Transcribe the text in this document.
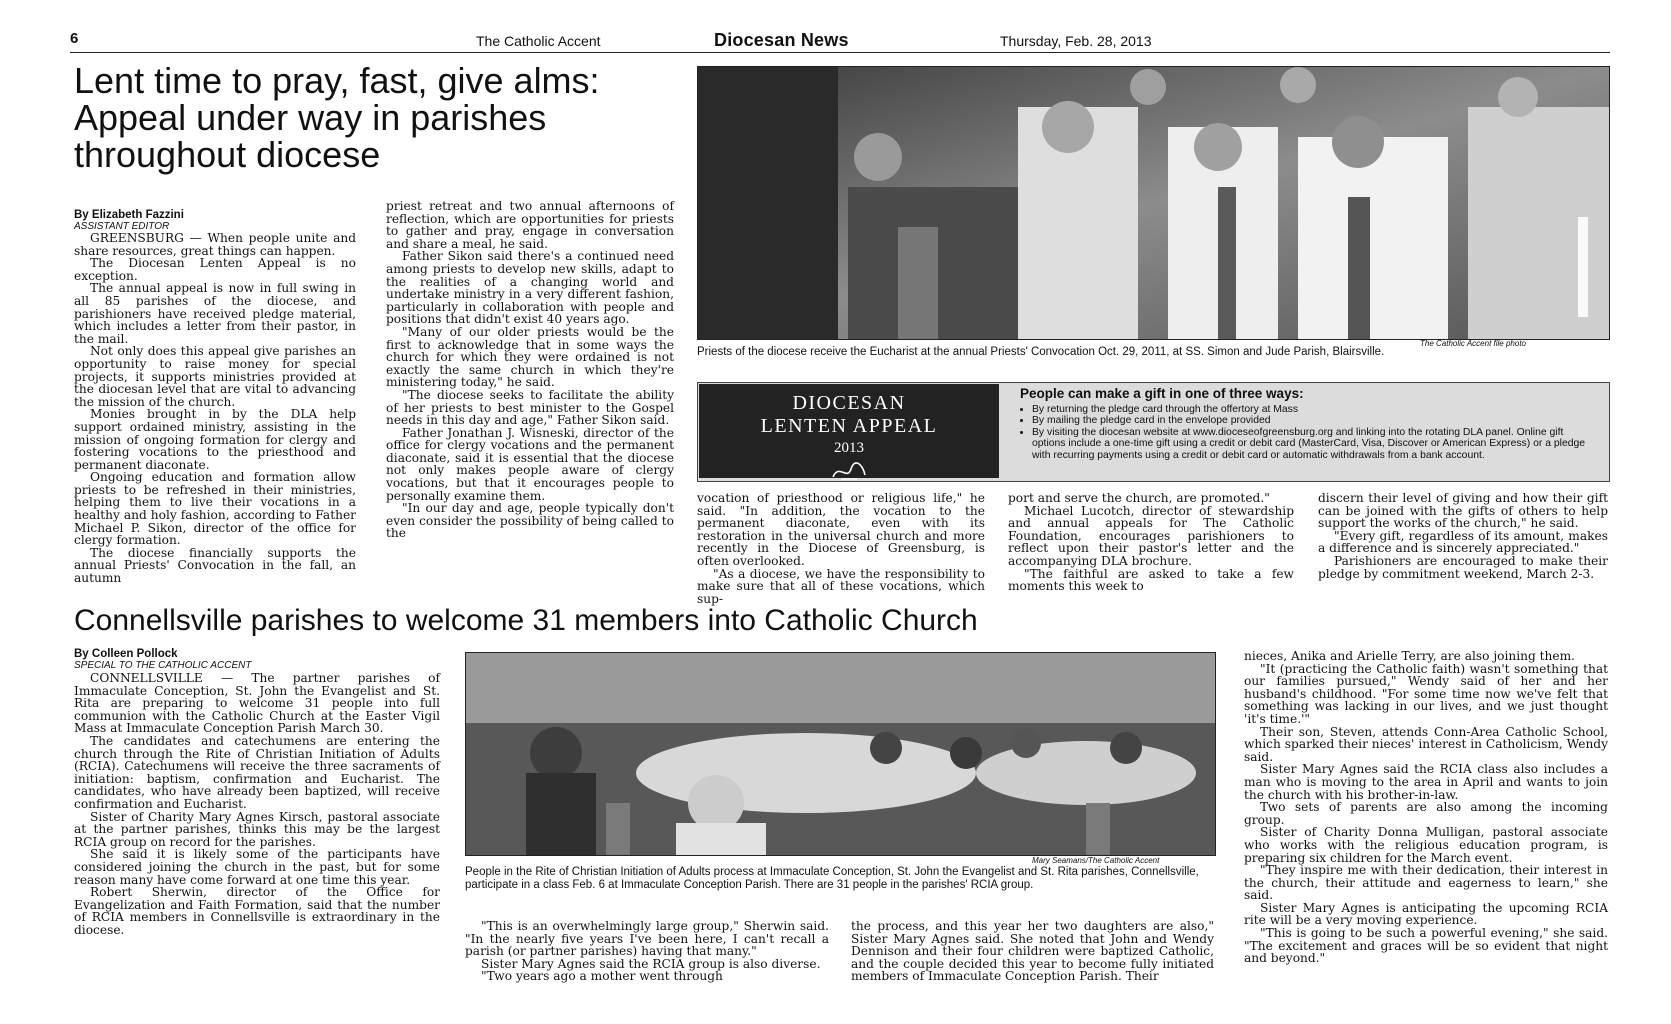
6	The Catholic Accent	Diocesan News	Thursday, Feb. 28, 2013
Lent time to pray, fast, give alms: Appeal under way in parishes throughout diocese
By Elizabeth Fazzini
ASSISTANT EDITOR

GREENSBURG — When people unite and share resources, great things can happen.

The Diocesan Lenten Appeal is no exception.

The annual appeal is now in full swing in all 85 parishes of the diocese, and parishioners have received pledge material, which includes a letter from their pastor, in the mail.

Not only does this appeal give parishes an opportunity to raise money for special projects, it supports ministries provided at the diocesan level that are vital to advancing the mission of the church.

Monies brought in by the DLA help support ordained ministry, assisting in the mission of ongoing formation for clergy and fostering vocations to the priesthood and permanent diaconate.

Ongoing education and formation allow priests to be refreshed in their ministries, helping them to live their vocations in a healthy and holy fashion, according to Father Michael P. Sikon, director of the office for clergy formation.

The diocese financially supports the annual Priests' Convocation in the fall, an autumn

priest retreat and two annual afternoons of reflection, which are opportunities for priests to gather and pray, engage in conversation and share a meal, he said.

Father Sikon said there's a continued need among priests to develop new skills, adapt to the realities of a changing world and undertake ministry in a very different fashion, particularly in collaboration with people and positions that didn't exist 40 years ago.

"Many of our older priests would be the first to acknowledge that in some ways the church for which they were ordained is not exactly the same church in which they're ministering today," he said.

"The diocese seeks to facilitate the ability of her priests to best minister to the Gospel needs in this day and age," Father Sikon said.

Father Jonathan J. Wisneski, director of the office for clergy vocations and the permanent diaconate, said it is essential that the diocese not only makes people aware of clergy vocations, but that it encourages people to personally examine them.

"In our day and age, people typically don't even consider the possibility of being called to the

vocation of priesthood or religious life," he said. "In addition, the vocation to the permanent diaconate, even with its restoration in the universal church and more recently in the Diocese of Greensburg, is often overlooked.

"As a diocese, we have the responsibility to make sure that all of these vocations, which sup-

port and serve the church, are promoted."

Michael Lucotch, director of stewardship and annual appeals for The Catholic Foundation, encourages parishioners to reflect upon their pastor's letter and the accompanying DLA brochure.

"The faithful are asked to take a few moments this week to

discern their level of giving and how their gift can be joined with the gifts of others to help support the works of the church," he said.

"Every gift, regardless of its amount, makes a difference and is sincerely appreciated."

Parishioners are encouraged to make their pledge by commitment weekend, March 2-3.

The Catholic Accent file photo
Priests of the diocese receive the Eucharist at the annual Priests' Convocation Oct. 29, 2011, at SS. Simon and Jude Parish, Blairsville.
DIOCESAN
LENTEN APPEAL
2013
People can make a gift in one of three ways:
• By returning the pledge card through the offertory at Mass
• By mailing the pledge card in the envelope provided
• By visiting the diocesan website at www.dioceseofgreensburg.org and linking into the rotating DLA panel. Online gift options include a one-time gift using a credit or debit card (MasterCard, Visa, Discover or American Express) or a pledge with recurring payments using a credit or debit card or automatic withdrawals from a bank account.
Connellsville parishes to welcome 31 members into Catholic Church
By Colleen Pollock
SPECIAL TO THE CATHOLIC ACCENT

CONNELLSVILLE — The partner parishes of Immaculate Conception, St. John the Evangelist and St. Rita are preparing to welcome 31 people into full communion with the Catholic Church at the Easter Vigil Mass at Immaculate Conception Parish March 30.

The candidates and catechumens are entering the church through the Rite of Christian Initiation of Adults (RCIA). Catechumens will receive the three sacraments of initiation: baptism, confirmation and Eucharist. The candidates, who have already been baptized, will receive confirmation and Eucharist.

Sister of Charity Mary Agnes Kirsch, pastoral associate at the partner parishes, thinks this may be the largest RCIA group on record for the parishes.

She said it is likely some of the participants have considered joining the church in the past, but for some reason many have come forward at one time this year.

Robert Sherwin, director of the Office for Evangelization and Faith Formation, said that the number of RCIA members in Connellsville is extraordinary in the diocese.

Mary Seamans/The Catholic Accent
People in the Rite of Christian Initiation of Adults process at Immaculate Conception, St. John the Evangelist and St. Rita parishes, Connellsville, participate in a class Feb. 6 at Immaculate Conception Parish. There are 31 people in the parishes' RCIA group.

"This is an overwhelmingly large group," Sherwin said. "In the nearly five years I've been here, I can't recall a parish (or partner parishes) having that many."

Sister Mary Agnes said the RCIA group is also diverse.

"Two years ago a mother went through

the process, and this year her two daughters are also," Sister Mary Agnes said. She noted that John and Wendy Dennison and their four children were baptized Catholic, and the couple decided this year to become fully initiated members of Immaculate Conception Parish. Their

nieces, Anika and Arielle Terry, are also joining them.

"It (practicing the Catholic faith) wasn't something that our families pursued," Wendy said of her and her husband's childhood. "For some time now we've felt that something was lacking in our lives, and we just thought 'it's time.'"

Their son, Steven, attends Conn-Area Catholic School, which sparked their nieces' interest in Catholicism, Wendy said.

Sister Mary Agnes said the RCIA class also includes a man who is moving to the area in April and wants to join the church with his brother-in-law.

Two sets of parents are also among the incoming group.

Sister of Charity Donna Mulligan, pastoral associate who works with the religious education program, is preparing six children for the March event.

"They inspire me with their dedication, their interest in the church, their attitude and eagerness to learn," she said.

Sister Mary Agnes is anticipating the upcoming RCIA rite will be a very moving experience.

"This is going to be such a powerful evening," she said. "The excitement and graces will be so evident that night and beyond."
